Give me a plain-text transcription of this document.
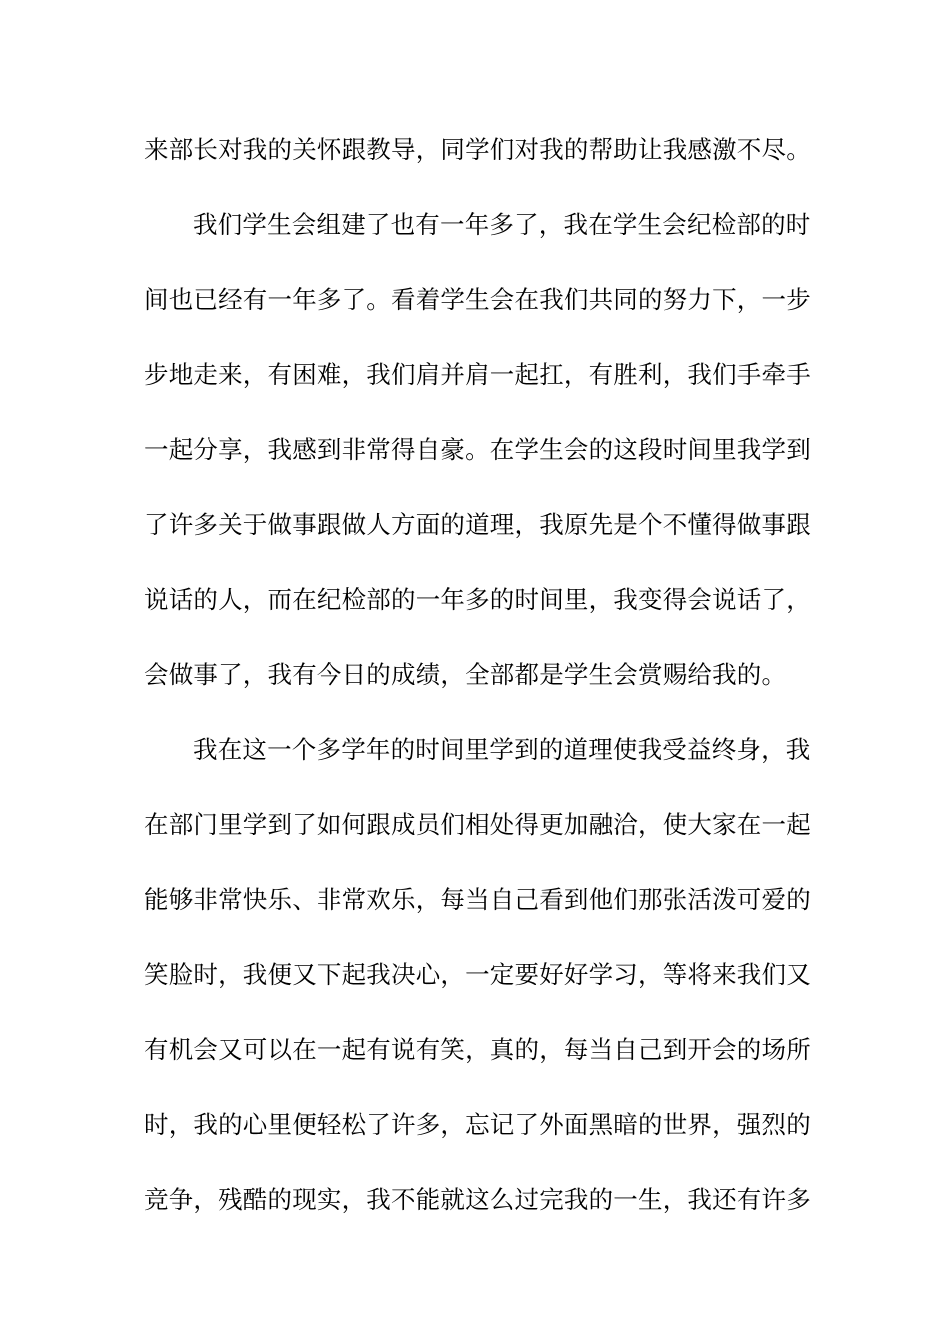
来部长对我的关怀跟教导，同学们对我的帮助让我感激不尽。
我们学生会组建了也有一年多了，我在学生会纪检部的时
间也已经有一年多了。看着学生会在我们共同的努力下，一步
步地走来，有困难，我们肩并肩一起扛，有胜利，我们手牵手
一起分享，我感到非常得自豪。在学生会的这段时间里我学到
了许多关于做事跟做人方面的道理，我原先是个不懂得做事跟
说话的人，而在纪检部的一年多的时间里，我变得会说话了，
会做事了，我有今日的成绩，全部都是学生会赏赐给我的。
我在这一个多学年的时间里学到的道理使我受益终身，我
在部门里学到了如何跟成员们相处得更加融洽，使大家在一起
能够非常快乐、非常欢乐，每当自己看到他们那张活泼可爱的
笑脸时，我便又下起我决心，一定要好好学习，等将来我们又
有机会又可以在一起有说有笑，真的，每当自己到开会的场所
时，我的心里便轻松了许多，忘记了外面黑暗的世界，强烈的
竞争，残酷的现实，我不能就这么过完我的一生，我还有许多
